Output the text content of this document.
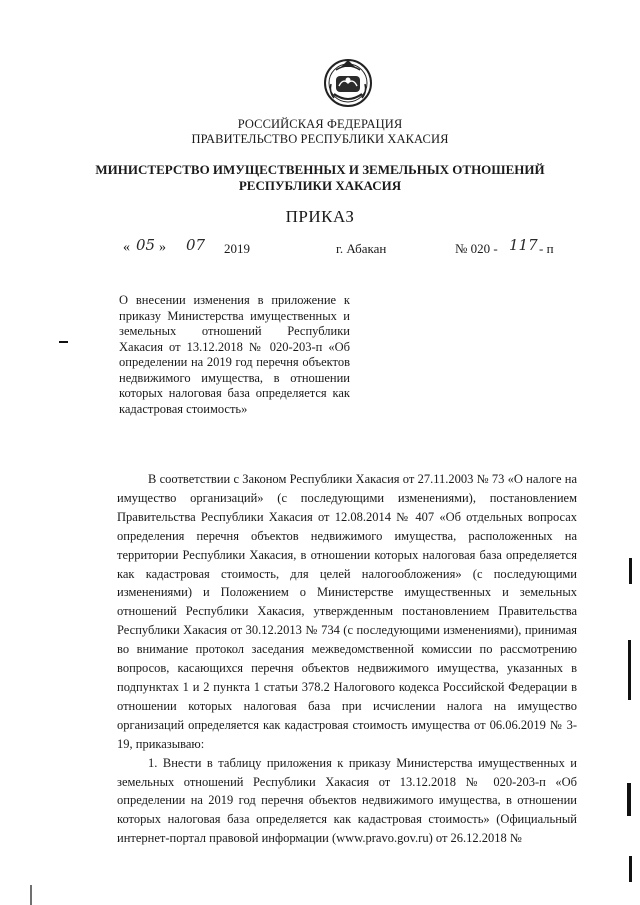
РОССИЙСКАЯ ФЕДЕРАЦИЯ
ПРАВИТЕЛЬСТВО РЕСПУБЛИКИ ХАКАСИЯ
МИНИСТЕРСТВО ИМУЩЕСТВЕННЫХ И ЗЕМЕЛЬНЫХ ОТНОШЕНИЙ
РЕСПУБЛИКИ ХАКАСИЯ
ПРИКАЗ
« 05 » 07 2019	г. Абакан	№ 020 - 117 - п
О внесении изменения в приложение к приказу Министерства имущественных и земельных отношений Республики Хакасия от 13.12.2018 № 020-203-п «Об определении на 2019 год перечня объектов недвижимого имущества, в отношении которых налоговая база определяется как кадастровая стоимость»

В соответствии с Законом Республики Хакасия от 27.11.2003 № 73 «О налоге на имущество организаций» (с последующими изменениями), постановлением Правительства Республики Хакасия от 12.08.2014 № 407 «Об отдельных вопросах определения перечня объектов недвижимого имущества, расположенных на территории Республики Хакасия, в отношении которых налоговая база определяется как кадастровая стоимость, для целей налогообложения» (с последующими изменениями) и Положением о Министерстве имущественных и земельных отношений Республики Хакасия, утвержденным постановлением Правительства Республики Хакасия от 30.12.2013 № 734 (с последующими изменениями), принимая во внимание протокол заседания межведомственной комиссии по рассмотрению вопросов, касающихся перечня объектов недвижимого имущества, указанных в подпунктах 1 и 2 пункта 1 статьи 378.2 Налогового кодекса Российской Федерации в отношении которых налоговая база при исчислении налога на имущество организаций определяется как кадастровая стоимость имущества от 06.06.2019 № 3-19, приказываю:

1. Внести в таблицу приложения к приказу Министерства имущественных и земельных отношений Республики Хакасия от 13.12.2018 № 020-203-п «Об определении на 2019 год перечня объектов недвижимого имущества, в отношении которых налоговая база определяется как кадастровая стоимость» (Официальный интернет-портал правовой информации (www.pravo.gov.ru) от 26.12.2018 №
